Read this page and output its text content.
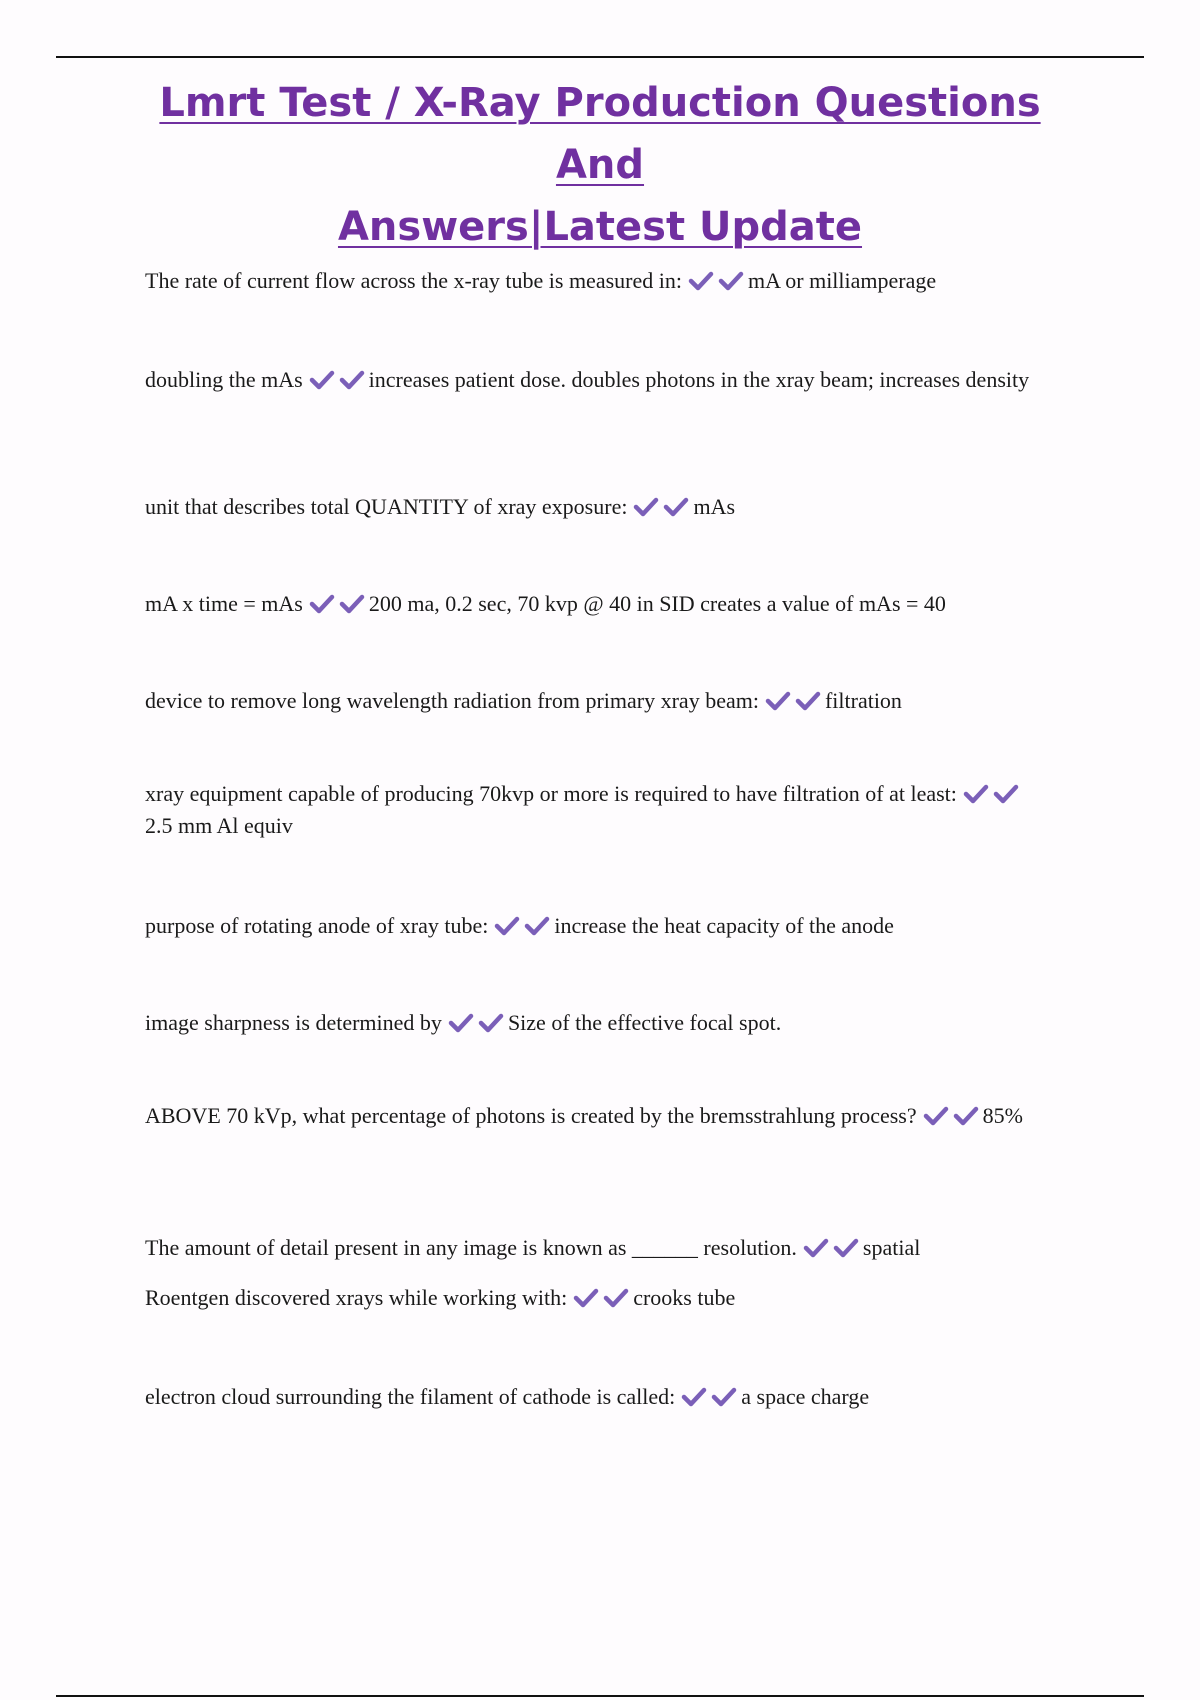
Lmrt Test / X-Ray Production Questions And
Answers|Latest Update
The rate of current flow across the x-ray tube is measured in:	mA or milliamperage
doubling the mAs	increases patient dose. doubles photons in the xray beam; increases density
unit that describes total QUANTITY of xray exposure:	mAs
mA x time = mAs	200 ma, 0.2 sec, 70 kvp @ 40 in SID creates a value of mAs = 40
device to remove long wavelength radiation from primary xray beam:	filtration
xray equipment capable of producing 70kvp or more is required to have filtration of at least:
2.5 mm Al equiv
purpose of rotating anode of xray tube:	increase the heat capacity of the anode
image sharpness is determined by	Size of the effective focal spot.
ABOVE 70 kVp, what percentage of photons is created by the bremsstrahlung process?	85%
The amount of detail present in any image is known as ______ resolution.	spatial
Roentgen discovered xrays while working with:	crooks tube
electron cloud surrounding the filament of cathode is called:	a space charge
